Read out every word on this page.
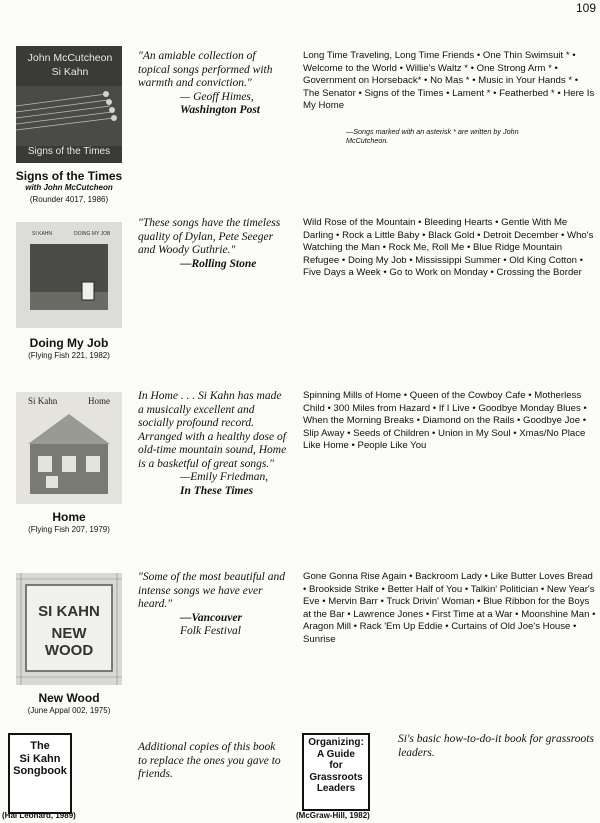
109
John McCutcheon
Si Kahn
Signs of the Times
Signs of the Times
with John McCutcheon
(Rounder 4017, 1986)
"An amiable collection of topical songs performed with warmth and conviction."
— Geoff Himes,
Washington Post
Long Time Traveling, Long Time Friends • One Thin Swimsuit * • Welcome to the World • Willie's Waltz * • One Strong Arm * • Government on Horseback* • No Mas * • Music in Your Hands * • The Senator • Signs of the Times • Lament * • Featherbed * • Here Is My Home
—Songs marked with an asterisk * are written by John McCutcheon.
SI KAHN	DOING MY JOB
Doing My Job
(Flying Fish 221, 1982)
"These songs have the timeless quality of Dylan, Pete Seeger and Woody Guthrie."
—Rolling Stone
Wild Rose of the Mountain • Bleeding Hearts • Gentle With Me Darling • Rock a Little Baby • Black Gold • Detroit December • Who's Watching the Man • Rock Me, Roll Me • Blue Ridge Mountain Refugee • Doing My Job • Mississippi Summer • Old King Cotton • Five Days a Week • Go to Work on Monday • Crossing the Border
Si Kahn	Home
Home
(Flying Fish 207, 1979)
In Home . . . Si Kahn has made a musically excellent and socially profound record. Arranged with a healthy dose of old-time mountain sound, Home is a basketful of great songs."
—Emily Friedman,
In These Times
Spinning Mills of Home • Queen of the Cowboy Cafe • Motherless Child • 300 Miles from Hazard • If I Live • Goodbye Monday Blues • When the Morning Breaks • Diamond on the Rails • Goodbye Joe • Slip Away • Seeds of Children • Union in My Soul • Xmas/No Place Like Home • People Like You
SI KAHN
NEW WOOD
New Wood
(June Appal 002, 1975)
"Some of the most beautiful and intense songs we have ever heard."
—Vancouver
Folk Festival
Gone Gonna Rise Again • Backroom Lady • Like Butter Loves Bread • Brookside Strike • Better Half of You • Talkin' Politician • New Year's Eve • Mervin Barr • Truck Drivin' Woman • Blue Ribbon for the Boys at the Bar • Lawrence Jones • First Time at a War • Moonshine Man • Aragon Mill • Rack 'Em Up Eddie • Curtains of Old Joe's House • Sunrise
The
Si Kahn
Songbook
(Hal Leonard, 1989)
Additional copies of this book to replace the ones you gave to friends.
Organizing:
A Guide
for
Grassroots
Leaders
(McGraw-Hill, 1982)
Si's basic how-to-do-it book for grassroots leaders.
